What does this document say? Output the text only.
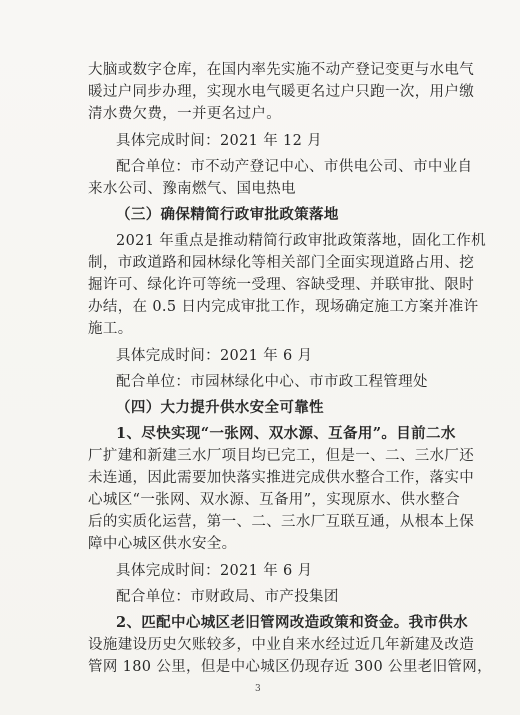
大脑或数字仓库，在国内率先实施不动产登记变更与水电气
暖过户同步办理，实现水电气暖更名过户只跑一次，用户缴
清水费欠费，一并更名过户。
具体完成时间：2021 年 12 月
配合单位：市不动产登记中心、市供电公司、市中业自
来水公司、豫南燃气、国电热电
（三）确保精简行政审批政策落地
2021 年重点是推动精简行政审批政策落地，固化工作机
制，市政道路和园林绿化等相关部门全面实现道路占用、挖
掘许可、绿化许可等统一受理、容缺受理、并联审批、限时
办结，在 0.5 日内完成审批工作，现场确定施工方案并准许
施工。
具体完成时间：2021 年 6 月
配合单位：市园林绿化中心、市市政工程管理处
（四）大力提升供水安全可靠性
1、尽快实现“一张网、双水源、互备用”。目前二水
厂扩建和新建三水厂项目均已完工，但是一、二、三水厂还
未连通，因此需要加快落实推进完成供水整合工作，落实中
心城区“一张网、双水源、互备用”，实现原水、供水整合
后的实质化运营，第一、二、三水厂互联互通，从根本上保
障中心城区供水安全。
具体完成时间：2021 年 6 月
配合单位：市财政局、市产投集团
2、匹配中心城区老旧管网改造政策和资金。我市供水
设施建设历史欠账较多，中业自来水经过近几年新建及改造
管网 180 公里，但是中心城区仍现存近 300 公里老旧管网，
3
